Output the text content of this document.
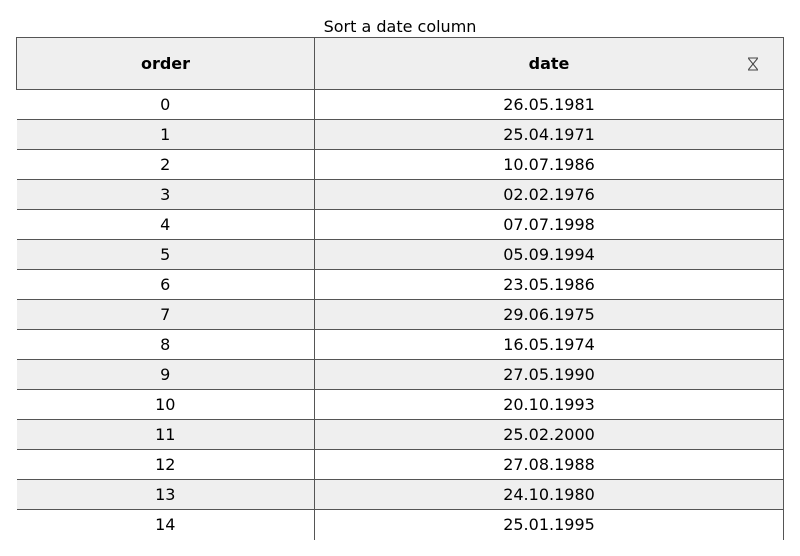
Sort a date column
order	date

0	26.05.1981
1	25.04.1971
2	10.07.1986
3	02.02.1976
4	07.07.1998
5	05.09.1994
6	23.05.1986
7	29.06.1975
8	16.05.1974
9	27.05.1990
10	20.10.1993
11	25.02.2000
12	27.08.1988
13	24.10.1980
14	25.01.1995
